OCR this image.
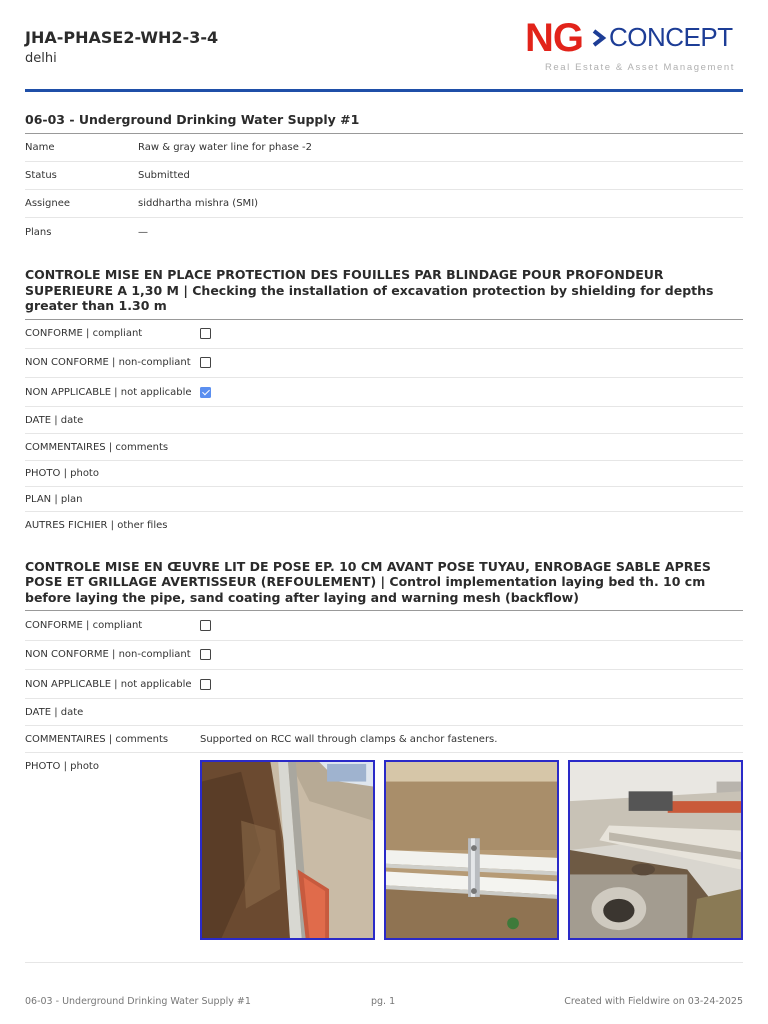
JHA-PHASE2-WH2-3-4
delhi	NG CONCEPT
Real Estate & Asset Management
06-03 - Underground Drinking Water Supply #1
Name	Raw & gray water line for phase -2
Status	Submitted
Assignee	siddhartha mishra (SMI)
Plans	—
CONTROLE MISE EN PLACE PROTECTION DES FOUILLES PAR BLINDAGE POUR PROFONDEUR SUPERIEURE A 1,30 M | Checking the installation of excavation protection by shielding for depths greater than 1.30 m
CONFORME | compliant
NON CONFORME | non-compliant
NON APPLICABLE | not applicable
DATE | date
COMMENTAIRES | comments
PHOTO | photo
PLAN | plan
AUTRES FICHIER | other files
CONTROLE MISE EN ŒUVRE LIT DE POSE EP. 10 CM AVANT POSE TUYAU, ENROBAGE SABLE APRES POSE ET GRILLAGE AVERTISSEUR (REFOULEMENT) | Control implementation laying bed th. 10 cm before laying the pipe, sand coating after laying and warning mesh (backflow)
CONFORME | compliant
NON CONFORME | non-compliant
NON APPLICABLE | not applicable
DATE | date
COMMENTAIRES | comments	Supported on RCC wall through clamps & anchor fasteners.
PHOTO | photo
06-03 - Underground Drinking Water Supply #1	pg. 1	Created with Fieldwire on 03-24-2025
